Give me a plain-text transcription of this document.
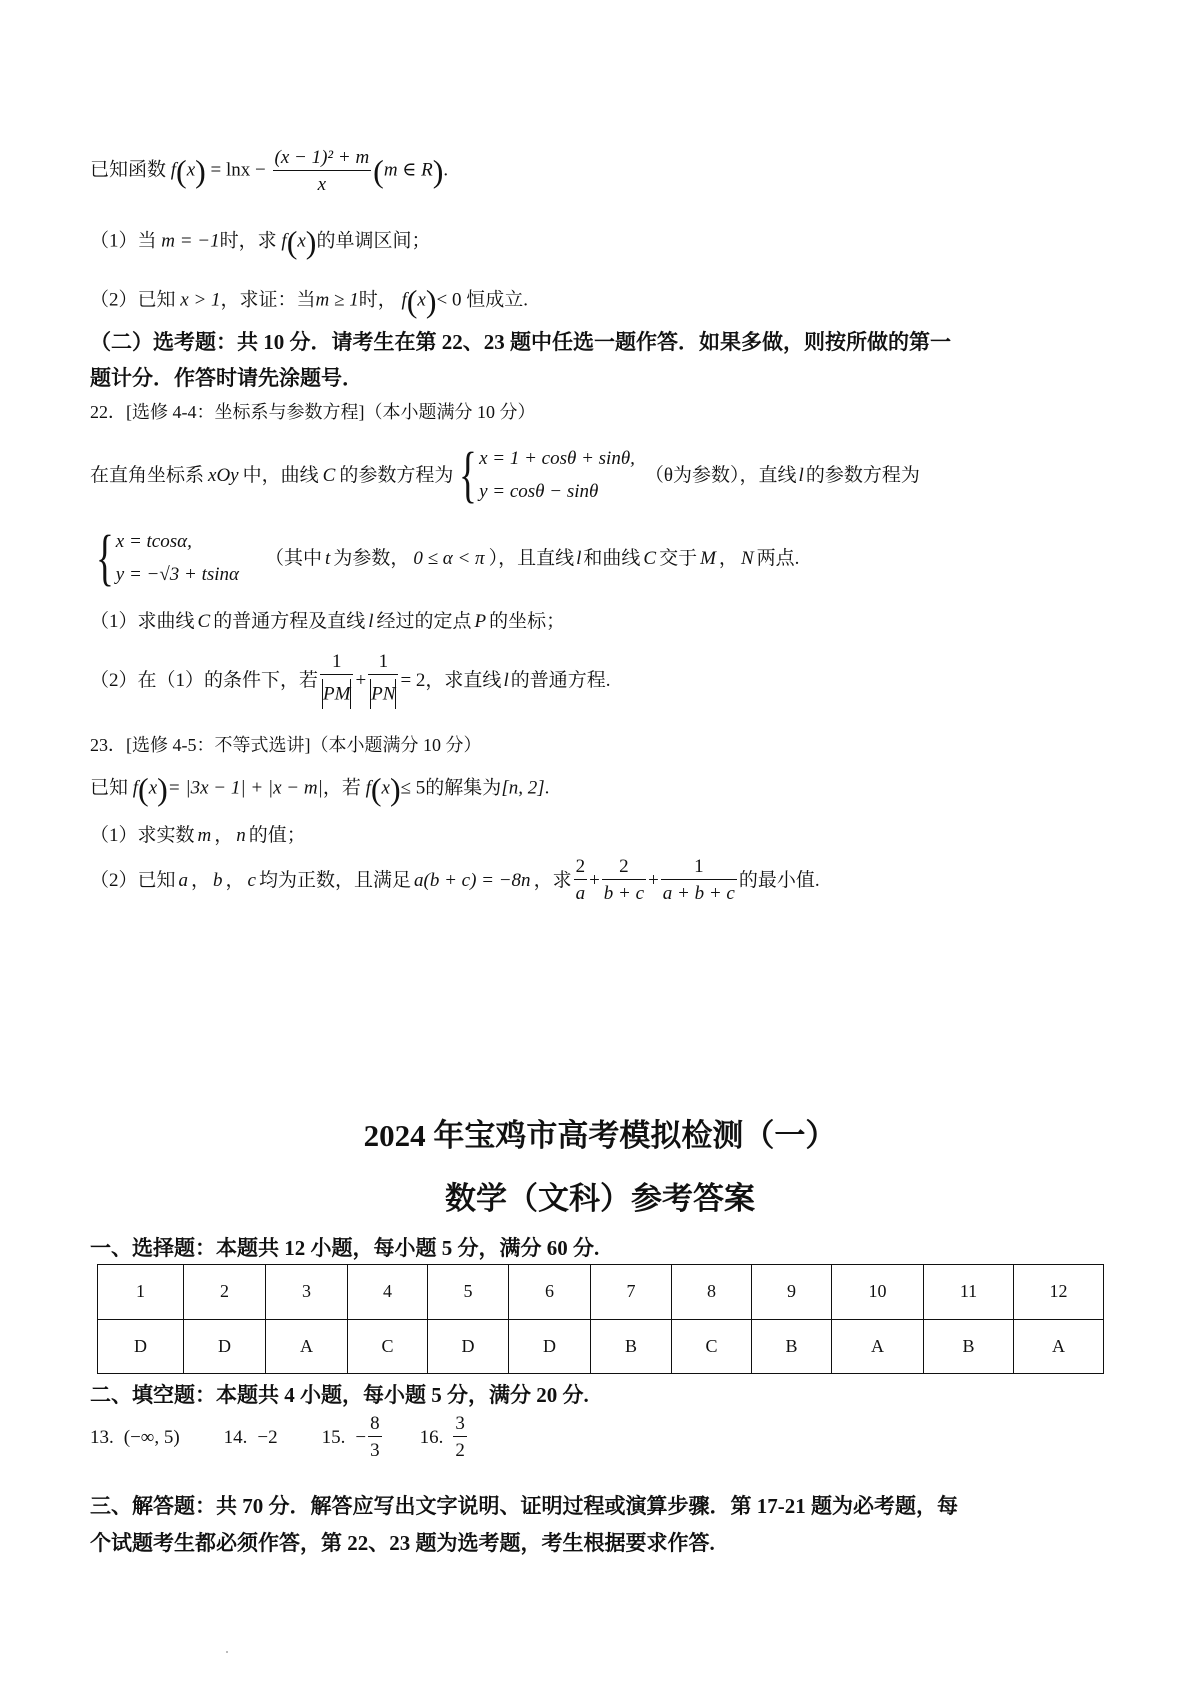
已知函数 $f(x) = \ln x - \frac{\text{(x − 1)² + m}}{x} (m$ ∈ R).
（1）当 m = −1时，求 f(x)的单调区间；
（2）已知 x > 1，求证：当m ≥ 1时， f(x)< 0 恒成立.
（二）选考题：共 10 分．请考生在第 22、23 题中任选一题作答．如果多做，则按所做的第一
题计分．作答时请先涂题号．
22．[选修 4-4：坐标系与参数方程]（本小题满分 10 分）
在直角坐标系 xOy 中，曲线 C 的参数方程为 { x = 1 + cosθ + sinθ,
y = cosθ − sinθ
（θ为参数），直线 l 的参数方程为
{ x = tcosα,
y = −√3 + tsinα
（其中 t 为参数， 0 ≤ α < π ），且直线 l 和曲线 C 交于 M ， N 两点.
（1）求曲线 C 的普通方程及直线 l 经过的定点 P 的坐标；
（2）在（1）的条件下，若 $\frac{1}{PM} + \frac{1}{PN} = 2$ ，求直线 l 的普通方程.
23．[选修 4-5：不等式选讲]（本小题满分 10 分）
已知 f(x)= |3x − 1| + |x − m|，若 f(x)≤ 5的解集为[n, 2].
（1）求实数 m ， n 的值；
（2）已知 a ， b ， c 均为正数，且满足 a(b + c) = −8n ，求 $\frac{2}{a} + \frac{2}{b + c} + \frac{1}{a + b + c}$ 的最小值.
2024 年宝鸡市高考模拟检测（一）
数学（文科）参考答案
一、选择题：本题共 12 小题，每小题 5 分，满分 60 分.
1	2	3	4	5	6	7	8	9	10	11	12
D	D	A	C	D	D	B	C	B	A	B	A
二、填空题：本题共 4 小题，每小题 5 分，满分 20 分.
13. (−∞, 5) 14. −2 15. − $\frac{8}{3} 16$. $\frac{3}{2}$
三、解答题：共 70 分．解答应写出文字说明、证明过程或演算步骤．第 17-21 题为必考题，每
个试题考生都必须作答，第 22、23 题为选考题，考生根据要求作答.
